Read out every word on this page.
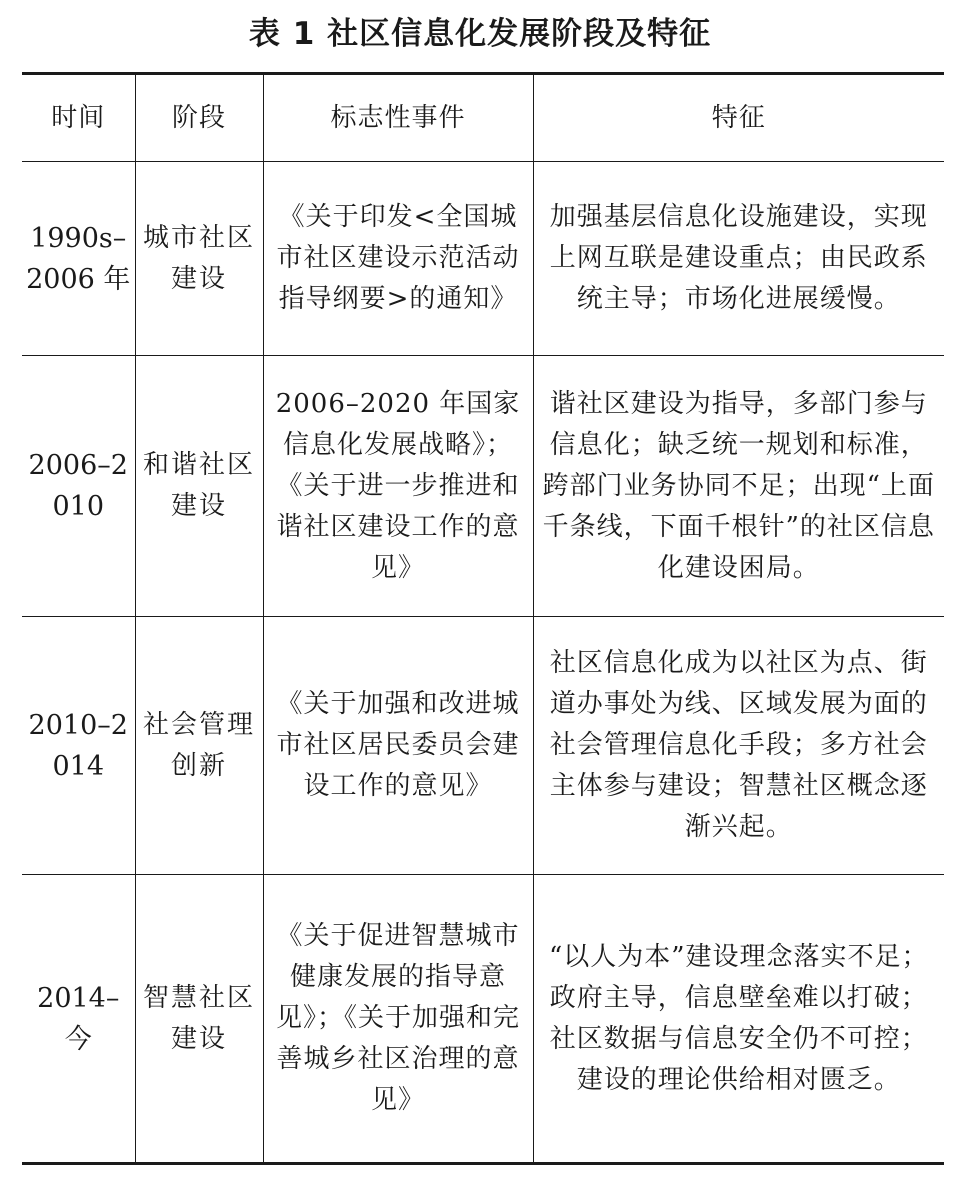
表 1 社区信息化发展阶段及特征
时间	阶段	标志性事件	特征
1990s–2006 年	城市社区建设	《关于印发<全国城市社区建设示范活动指导纲要>的通知》	加强基层信息化设施建设，实现上网互联是建设重点；由民政系统主导；市场化进展缓慢。
2006–2010	和谐社区建设	2006–2020 年国家信息化发展战略》；《关于进一步推进和谐社区建设工作的意见》	谐社区建设为指导，多部门参与信息化；缺乏统一规划和标准，跨部门业务协同不足；出现“上面千条线，下面千根针”的社区信息化建设困局。
2010–2014	社会管理创新	《关于加强和改进城市社区居民委员会建设工作的意见》	社区信息化成为以社区为点、街道办事处为线、区域发展为面的社会管理信息化手段；多方社会主体参与建设；智慧社区概念逐渐兴起。
2014–今	智慧社区建设	《关于促进智慧城市健康发展的指导意见》；《关于加强和完善城乡社区治理的意见》	“以人为本”建设理念落实不足；政府主导，信息壁垒难以打破；社区数据与信息安全仍不可控；建设的理论供给相对匮乏。
